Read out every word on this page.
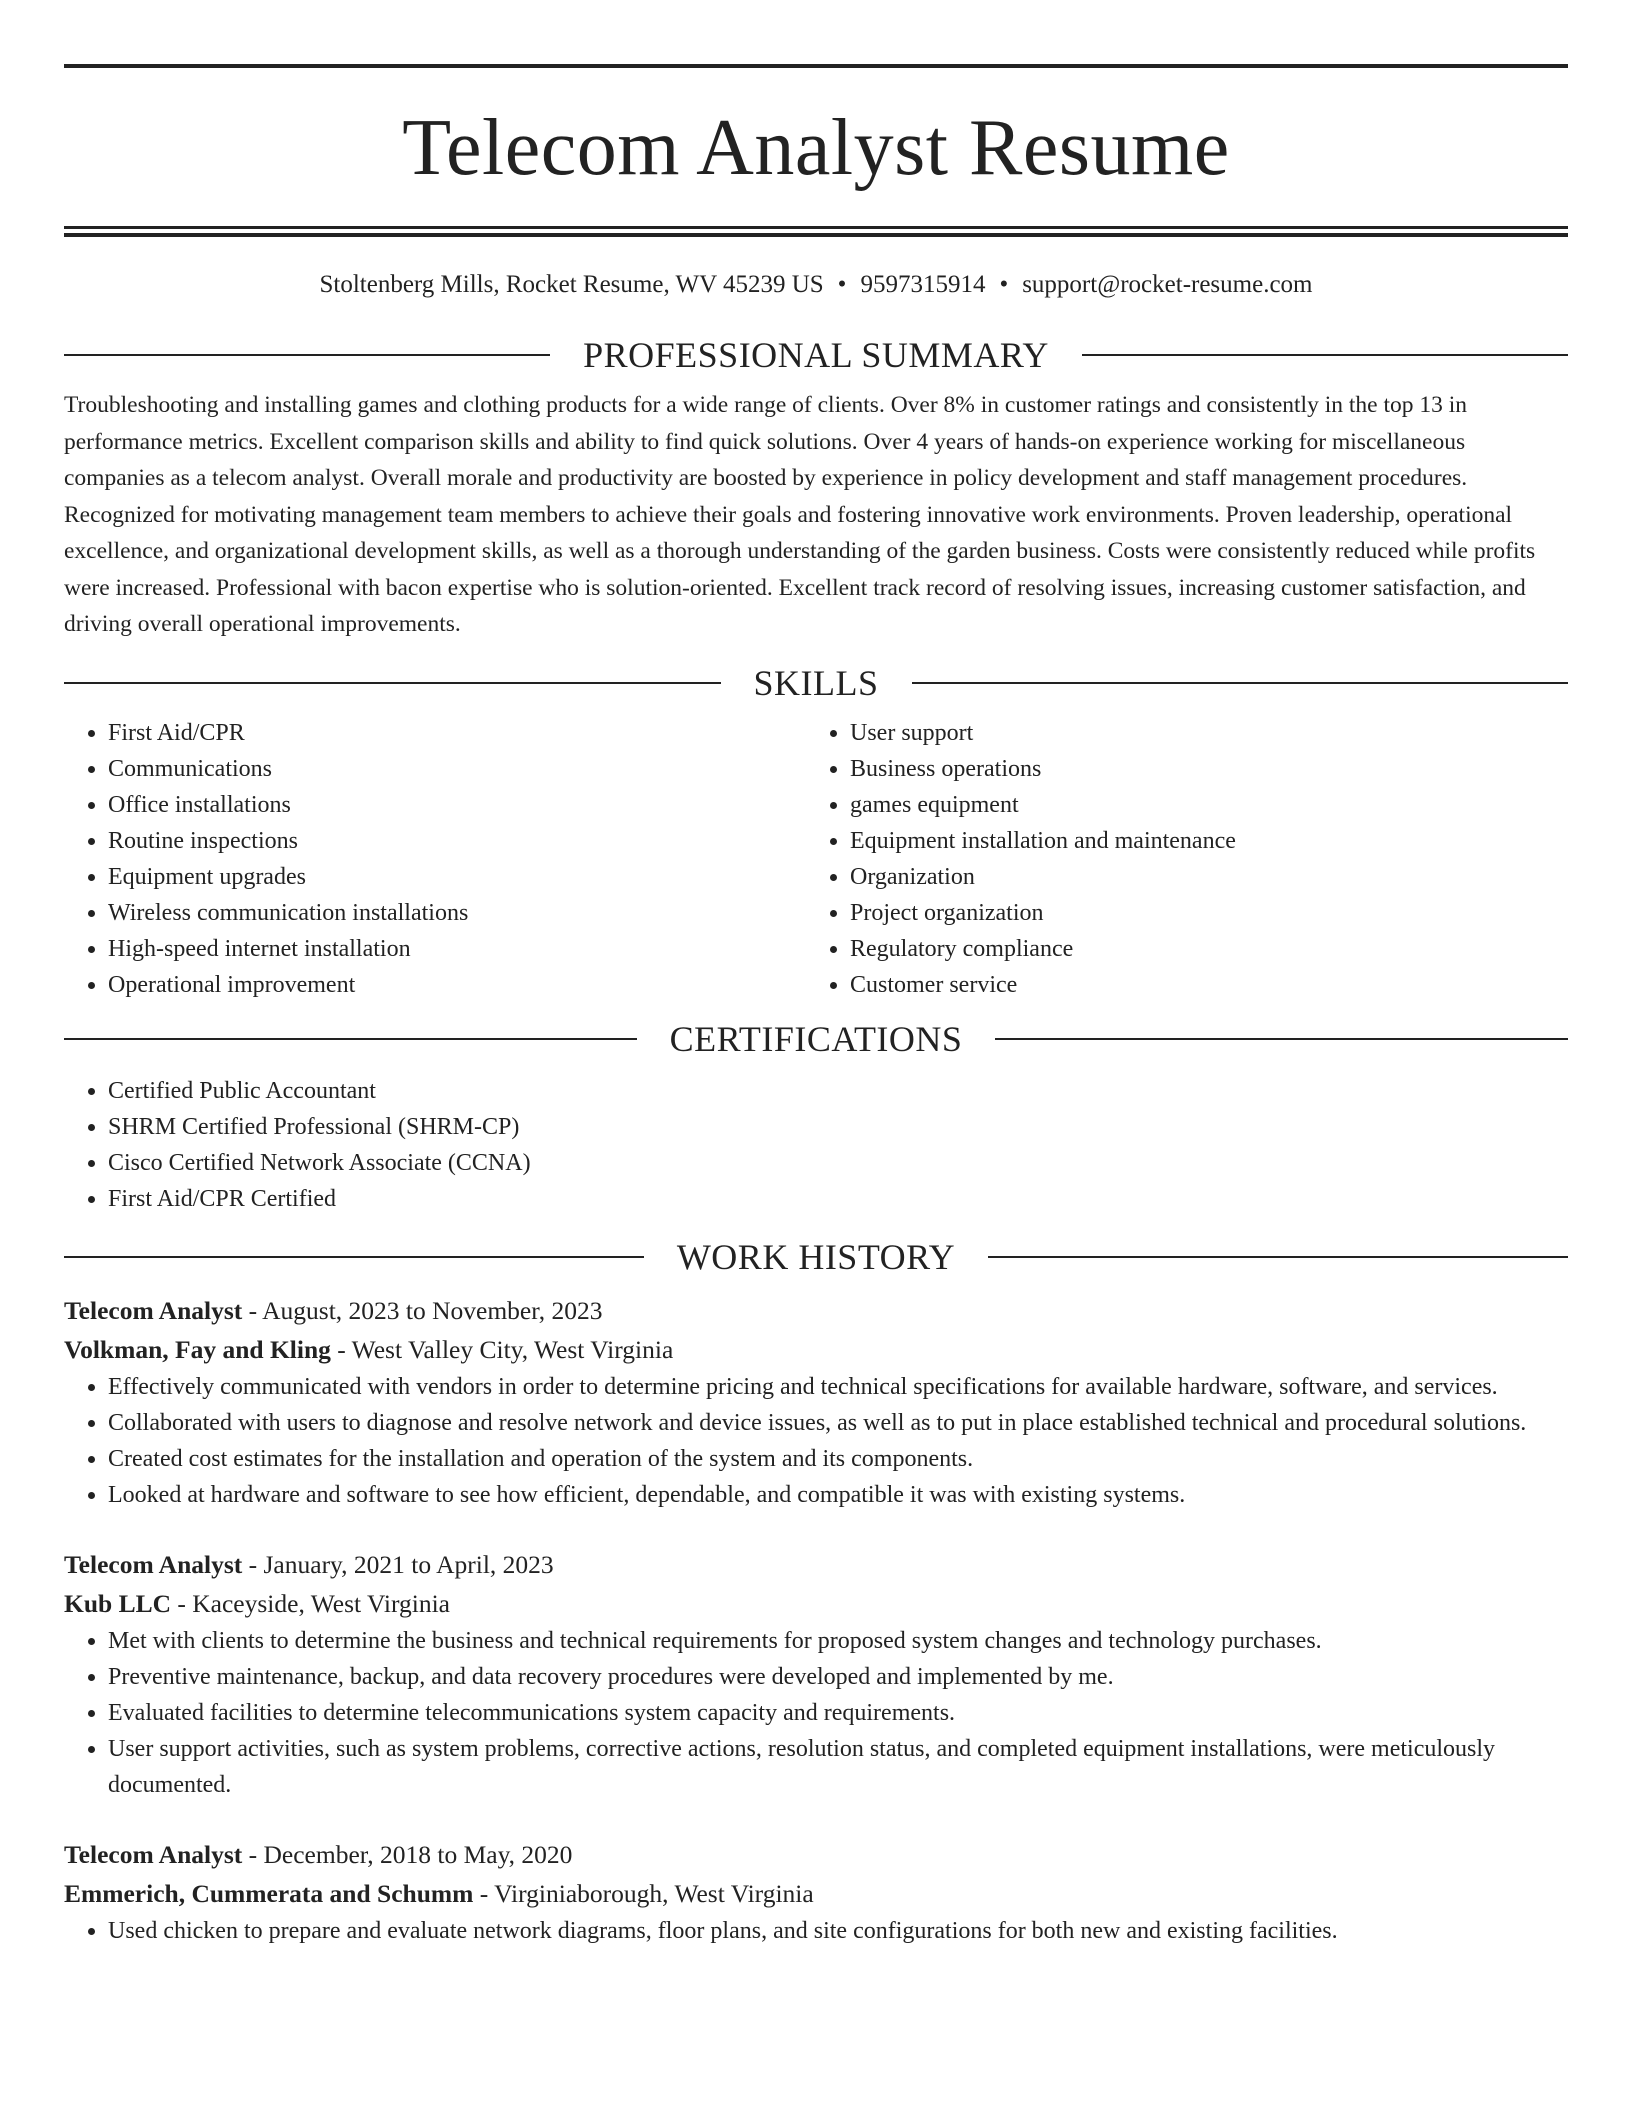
Telecom Analyst Resume
Stoltenberg Mills, Rocket Resume, WV 45239 US • 9597315914 • support@rocket-resume.com
PROFESSIONAL SUMMARY

Troubleshooting and installing games and clothing products for a wide range of clients. Over 8% in customer ratings and consistently in the top 13 in performance metrics. Excellent comparison skills and ability to find quick solutions. Over 4 years of hands-on experience working for miscellaneous companies as a telecom analyst. Overall morale and productivity are boosted by experience in policy development and staff management procedures. Recognized for motivating management team members to achieve their goals and fostering innovative work environments. Proven leadership, operational excellence, and organizational development skills, as well as a thorough understanding of the garden business. Costs were consistently reduced while profits were increased. Professional with bacon expertise who is solution-oriented. Excellent track record of resolving issues, increasing customer satisfaction, and driving overall operational improvements.

SKILLS
• First Aid/CPR
• Communications
• Office installations
• Routine inspections
• Equipment upgrades
• Wireless communication installations
• High-speed internet installation
• Operational improvement
• User support
• Business operations
• games equipment
• Equipment installation and maintenance
• Organization
• Project organization
• Regulatory compliance
• Customer service
CERTIFICATIONS
• Certified Public Accountant
• SHRM Certified Professional (SHRM-CP)
• Cisco Certified Network Associate (CCNA)
• First Aid/CPR Certified
WORK HISTORY
Telecom Analyst - August, 2023 to November, 2023
Volkman, Fay and Kling - West Valley City, West Virginia
• Effectively communicated with vendors in order to determine pricing and technical specifications for available hardware, software, and services.
• Collaborated with users to diagnose and resolve network and device issues, as well as to put in place established technical and procedural solutions.
• Created cost estimates for the installation and operation of the system and its components.
• Looked at hardware and software to see how efficient, dependable, and compatible it was with existing systems.
Telecom Analyst - January, 2021 to April, 2023
Kub LLC - Kaceyside, West Virginia
• Met with clients to determine the business and technical requirements for proposed system changes and technology purchases.
• Preventive maintenance, backup, and data recovery procedures were developed and implemented by me.
• Evaluated facilities to determine telecommunications system capacity and requirements.
• User support activities, such as system problems, corrective actions, resolution status, and completed equipment installations, were meticulously documented.
Telecom Analyst - December, 2018 to May, 2020
Emmerich, Cummerata and Schumm - Virginiaborough, West Virginia
• Used chicken to prepare and evaluate network diagrams, floor plans, and site configurations for both new and existing facilities.
